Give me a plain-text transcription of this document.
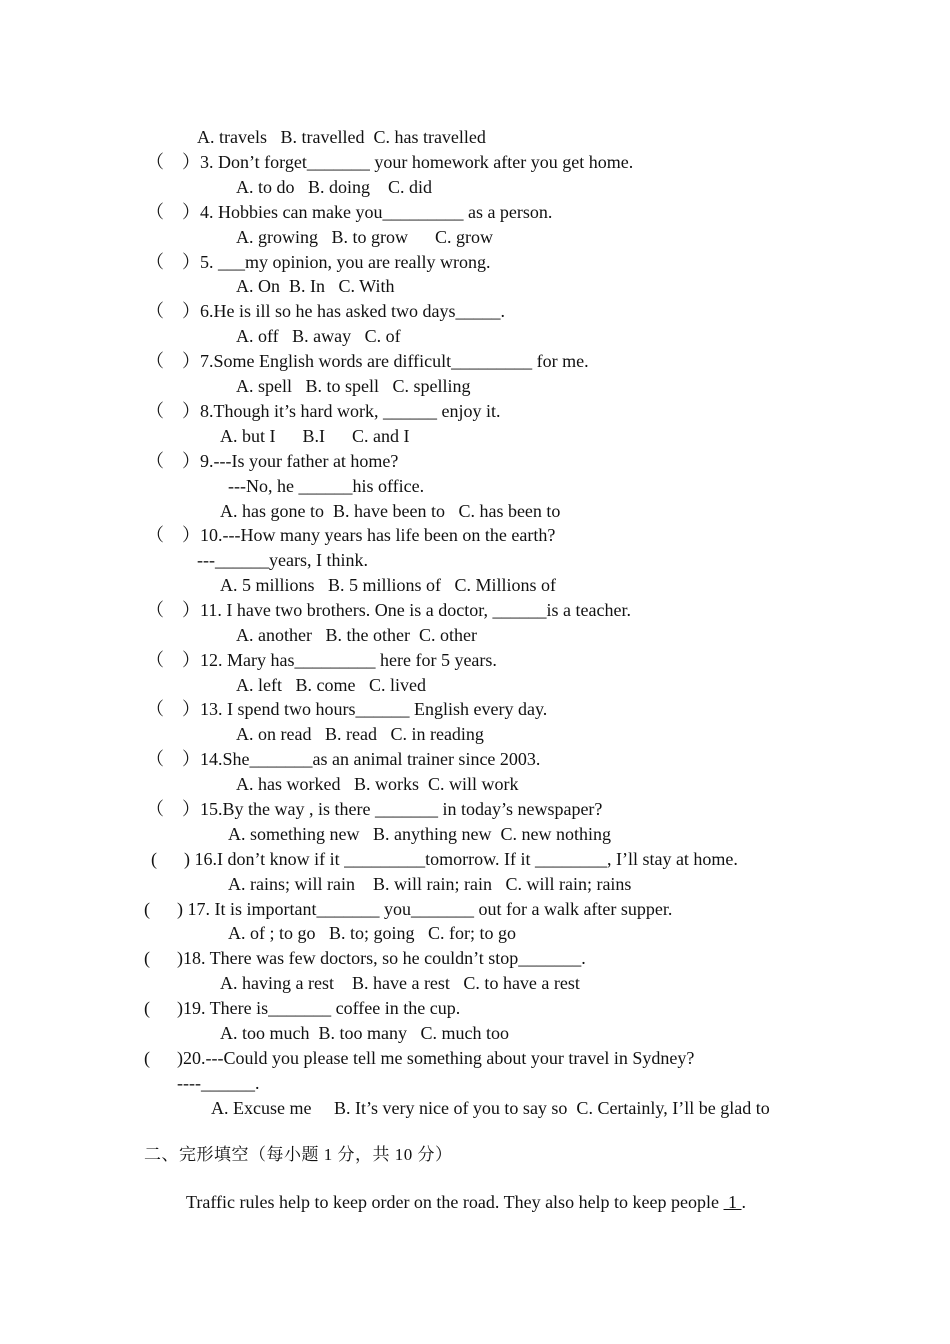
A. travels   B. travelled  C. has travelled
（    ）3. Don’t forget_______ your homework after you get home.
A. to do   B. doing    C. did
（    ）4. Hobbies can make you_________ as a person.
A. growing   B. to grow      C. grow
（    ）5. ___my opinion, you are really wrong.
A. On  B. In   C. With
（    ）6.He is ill so he has asked two days_____.
A. off   B. away   C. of
（    ）7.Some English words are difficult_________ for me.
A. spell   B. to spell   C. spelling
（    ）8.Though it’s hard work, ______ enjoy it.
A. but I      B.I      C. and I
（    ）9.---Is your father at home?
---No, he ______his office.
A. has gone to  B. have been to   C. has been to
（    ）10.---How many years has life been on the earth?
---______years, I think.
A. 5 millions   B. 5 millions of   C. Millions of
（    ）11. I have two brothers. One is a doctor, ______is a teacher.
A. another   B. the other  C. other
（    ）12. Mary has_________ here for 5 years.
A. left   B. come   C. lived
（    ）13. I spend two hours______ English every day.
A. on read   B. read   C. in reading
（    ）14.She_______as an animal trainer since 2003.
A. has worked   B. works  C. will work
（    ）15.By the way , is there _______ in today’s newspaper?
A. something new   B. anything new  C. new nothing
(      ) 16.I don’t know if it _________tomorrow. If it ________, I’ll stay at home.
A. rains; will rain    B. will rain; rain   C. will rain; rains
(      ) 17. It is important_______ you_______ out for a walk after supper.
A. of ; to go   B. to; going   C. for; to go
(      )18. There was few doctors, so he couldn’t stop_______.
A. having a rest    B. have a rest   C. to have a rest
(      )19. There is_______ coffee in the cup.
A. too much  B. too many   C. much too
(      )20.---Could you please tell me something about your travel in Sydney?
----______.
A. Excuse me     B. It’s very nice of you to say so  C. Certainly, I’ll be glad to
二、完形填空（每小题 1 分，共 10 分）
Traffic rules help to keep order on the road. They also help to keep people  1 .
